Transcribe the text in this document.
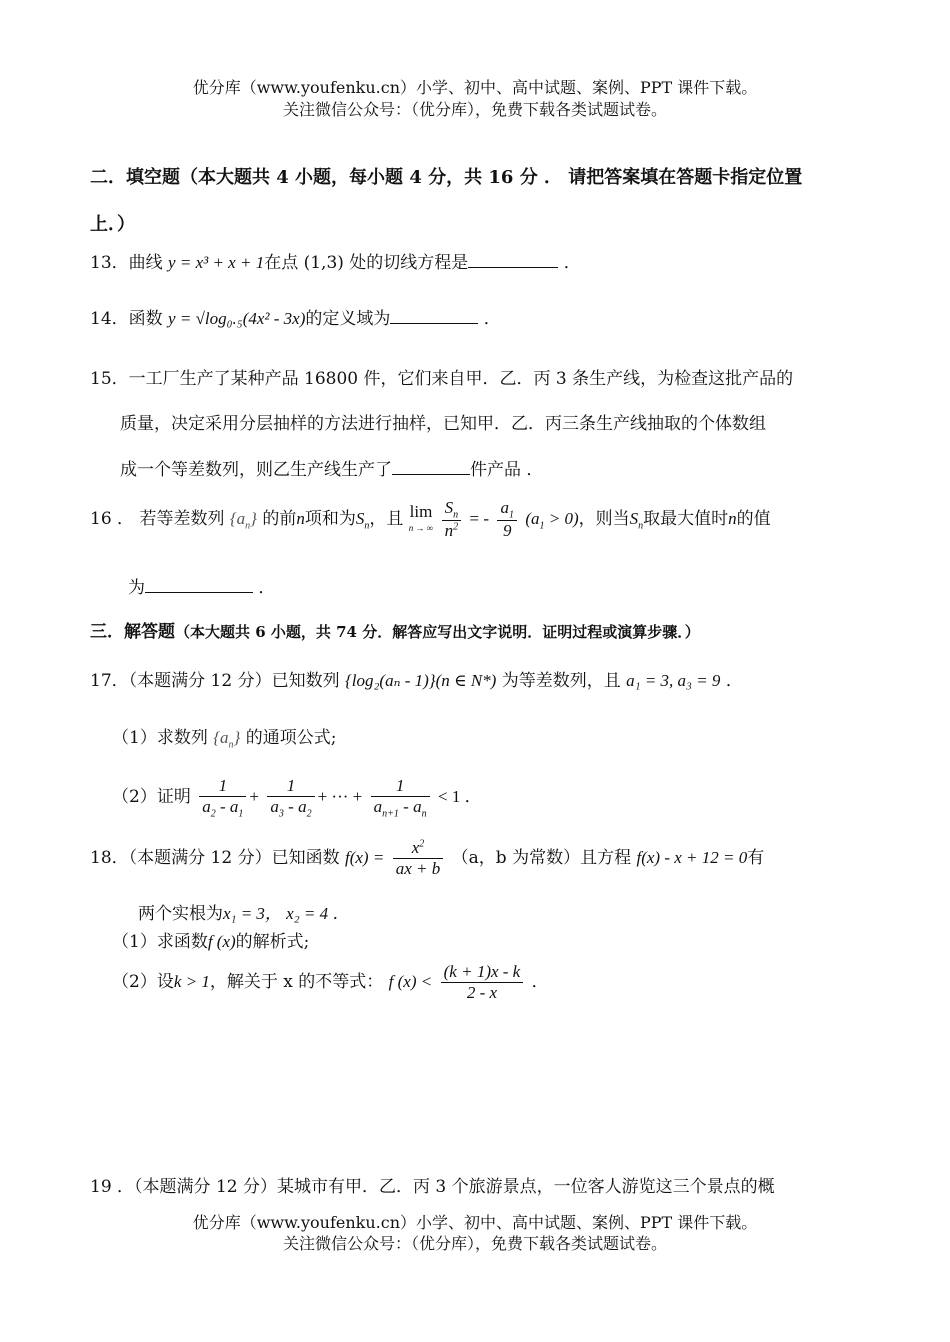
优分库（www.youfenku.cn）小学、初中、高中试题、案例、PPT 课件下载。
关注微信公众号：（优分库），免费下载各类试题试卷。
二．填空题（本大题共 4 小题，每小题 4 分，共 16 分 ． 请把答案填在答题卡指定位置
上．）
13．曲线 y = x³ + x + 1在点 (1,3) 处的切线方程是	．
14．函数 y = √log₀.₅(4x² - 3x)的定义域为	．
15．一工厂生产了某种产品 16800 件，它们来自甲．乙．丙 3 条生产线，为检查这批产品的
质量，决定采用分层抽样的方法进行抽样，已知甲．乙．丙三条生产线抽取的个体数组
成一个等差数列，则乙生产线生产了	件产品 ．
16 ． 若等差数列 $\{a_n\}$ 的前n项和为$S_n$，且 lim
n → ∞ $\frac{S_n}{n^2}$ = - $\frac{a_1}{9} (a_1 > 0)$，则当$S_n$取最大值时n的值
为	．
三．解答题（本大题共 6 小题，共 74 分．解答应写出文字说明．证明过程或演算步骤．）
17．（本题满分 12 分）已知数列 {log₂(aₙ - 1)}(n ∈ N*) 为等差数列，且 a₁ = 3, a₃ = 9 ．
（1）求数列 $\{a_n\}$ 的通项公式;
（2）证明 $\frac{1}{a_2 - a_1} + \frac{1}{a_3 - a_2}$ + ··· + $\frac{1}{a_{n+1} - a_n} < 1$ ．
18．（本题满分 12 分）已知函数 $f(x) = \frac{x^2}{ax + b} (a$，b 为常数）且方程 f(x) - x + 12 = 0有
两个实根为x₁ = 3， x₂ = 4 ．
（1）求函数f (x)的解析式;
（2）设k > 1，解关于 x 的不等式： f $(x) < \frac{(k + 1)x - k}{2 - x}$ ．
19 ．（本题满分 12 分）某城市有甲．乙．丙 3 个旅游景点，一位客人游览这三个景点的概
优分库（www.youfenku.cn）小学、初中、高中试题、案例、PPT 课件下载。
关注微信公众号：（优分库），免费下载各类试题试卷。
